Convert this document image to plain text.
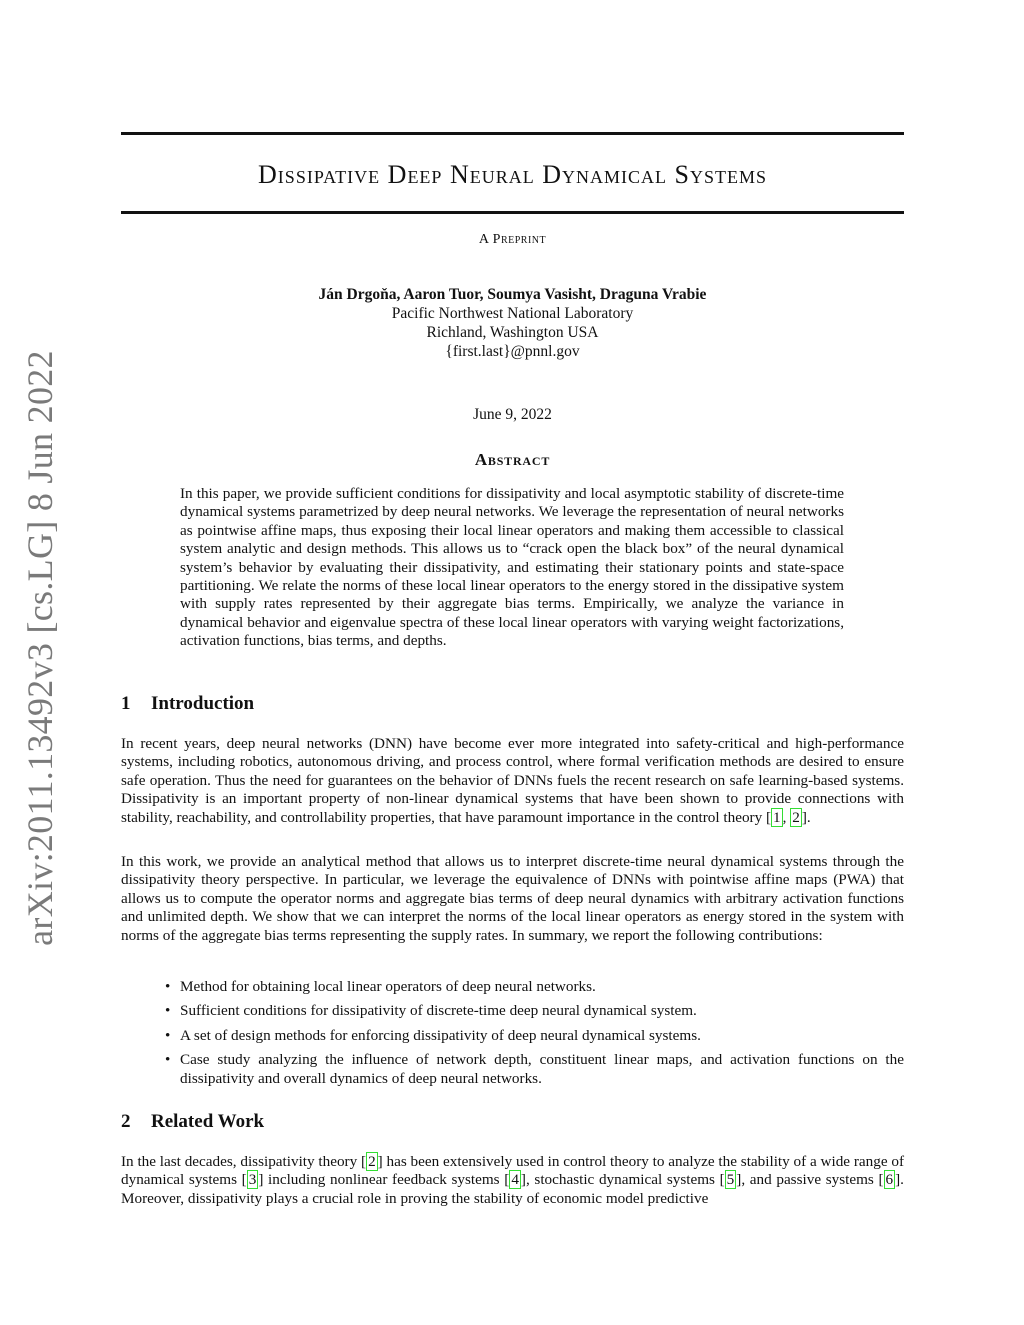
arXiv:2011.13492v3 [cs.LG] 8 Jun 2022
Dissipative Deep Neural Dynamical Systems
A Preprint
Ján Drgoňa, Aaron Tuor, Soumya Vasisht, Draguna Vrabie
Pacific Northwest National Laboratory
Richland, Washington USA
{first.last}@pnnl.gov
June 9, 2022
Abstract

In this paper, we provide sufficient conditions for dissipativity and local asymptotic stability of discrete-time dynamical systems parametrized by deep neural networks. We leverage the representation of neural networks as pointwise affine maps, thus exposing their local linear operators and making them accessible to classical system analytic and design methods. This allows us to “crack open the black box” of the neural dynamical system’s behavior by evaluating their dissipativity, and estimating their stationary points and state-space partitioning. We relate the norms of these local linear operators to the energy stored in the dissipative system with supply rates represented by their aggregate bias terms. Empirically, we analyze the variance in dynamical behavior and eigenvalue spectra of these local linear operators with varying weight factorizations, activation functions, bias terms, and depths.

1 Introduction

In recent years, deep neural networks (DNN) have become ever more integrated into safety-critical and high-performance systems, including robotics, autonomous driving, and process control, where formal verification methods are desired to ensure safe operation. Thus the need for guarantees on the behavior of DNNs fuels the recent research on safe learning-based systems. Dissipativity is an important property of non-linear dynamical systems that have been shown to provide connections with stability, reachability, and controllability properties, that have paramount importance in the control theory [ 1 , 2 ].

In this work, we provide an analytical method that allows us to interpret discrete-time neural dynamical systems through the dissipativity theory perspective. In particular, we leverage the equivalence of DNNs with pointwise affine maps (PWA) that allows us to compute the operator norms and aggregate bias terms of deep neural dynamics with arbitrary activation functions and unlimited depth. We show that we can interpret the norms of the local linear operators as energy stored in the system with norms of the aggregate bias terms representing the supply rates. In summary, we report the following contributions:

• Method for obtaining local linear operators of deep neural networks.
• Sufficient conditions for dissipativity of discrete-time deep neural dynamical system.
• A set of design methods for enforcing dissipativity of deep neural dynamical systems.
• Case study analyzing the influence of network depth, constituent linear maps, and activation functions on the dissipativity and overall dynamics of deep neural networks.
2 Related Work

In the last decades, dissipativity theory [ 2 ] has been extensively used in control theory to analyze the stability of a wide range of dynamical systems [ 3 ] including nonlinear feedback systems [ 4 ], stochastic dynamical systems [ 5 ], and passive systems [ 6 ]. Moreover, dissipativity plays a crucial role in proving the stability of economic model predictive
